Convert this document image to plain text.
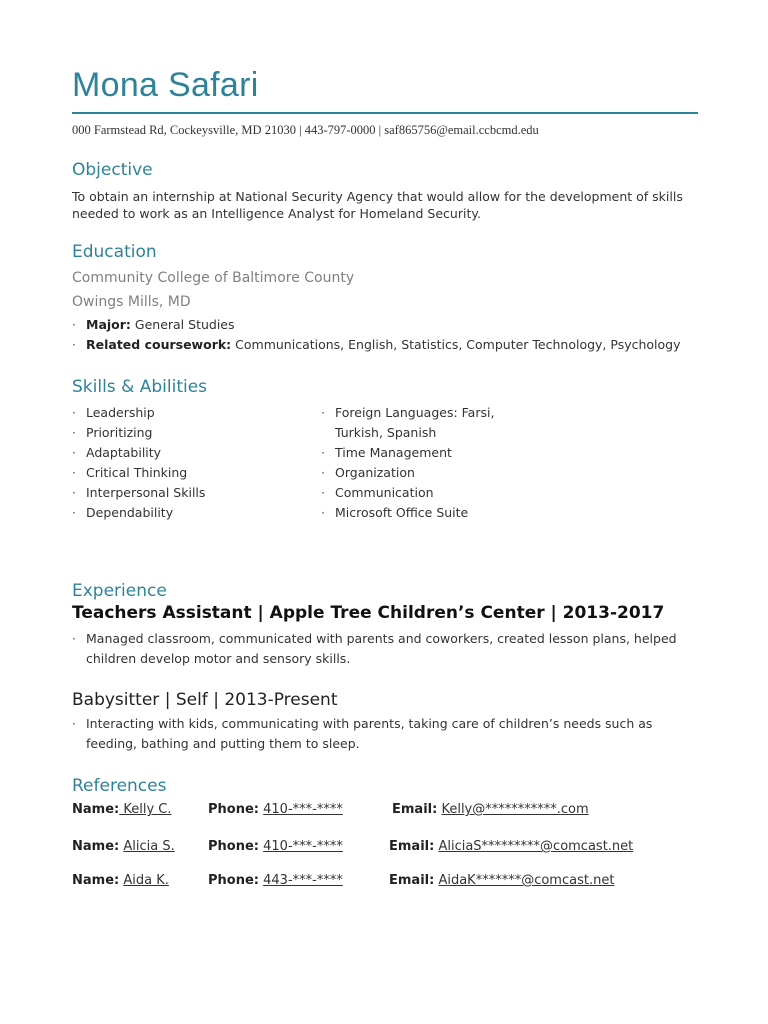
Mona Safari
000 Farmstead Rd, Cockeysville, MD 21030 | 443-797-0000 | saf865756@email.ccbcmd.edu
Objective
To obtain an internship at National Security Agency that would allow for the development of skills needed to work as an Intelligence Analyst for Homeland Security.
Education
Community College of Baltimore County
Owings Mills, MD
· Major: General Studies
· Related coursework: Communications, English, Statistics, Computer Technology, Psychology
Skills & Abilities
· Leadership
· Prioritizing
· Adaptability
· Critical Thinking
· Interpersonal Skills
· Dependability
· Foreign Languages: Farsi, Turkish, Spanish
· Time Management
· Organization
· Communication
· Microsoft Office Suite
Experience
Teachers Assistant | Apple Tree Children’s Center | 2013-2017
· Managed classroom, communicated with parents and coworkers, created lesson plans, helped children develop motor and sensory skills.
Babysitter | Self | 2013-Present
· Interacting with kids, communicating with parents, taking care of children’s needs such as feeding, bathing and putting them to sleep.
References
Name: Kelly C.	Phone: 410-***-****	Email: Kelly@***********.com
Name: Alicia S.	Phone: 410-***-****	Email: AliciaS*********@comcast.net
Name: Aida K.	Phone: 443-***-****	Email: AidaK*******@comcast.net
